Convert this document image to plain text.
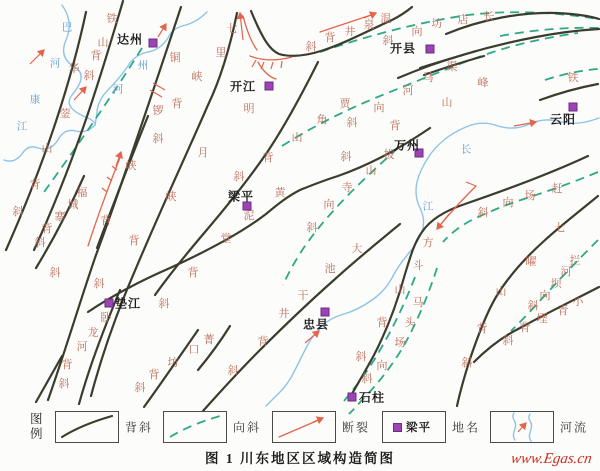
铁
山
背
斜
华
蓥
山
背
斜
铜
峡
背
锣
斜
峡
七
里	斜
背 井
泉 温	长
店
坊
向
斜
渠
马
河
铁
峰
山
背
斜
明
月
峡
山
背
斜
贾 向
角 斜
黄
泥
堂
拔
山
寺
向
斜
大
池
干
井
背
斜
菁
背
背
背
斜
斜
斜
福
城
寨
背
斜
卧
龙
河
背
斜
口
坊
背
斜
赶
场
向
斜
方
斗
山
背
斜
马
头
场
向
斜
七
曜
山
背
斜
拦
河
坝
向
斜	小
青
堙
背
斜
巴
河	州
河
康
江
长
江
达州
开县
开江
云阳
万州
梁平
垫江
忠县
石柱
图例	背斜	向斜	断裂	梁平 地名	河流
图 1 川东地区区域构造简图	www.Egas.cn
